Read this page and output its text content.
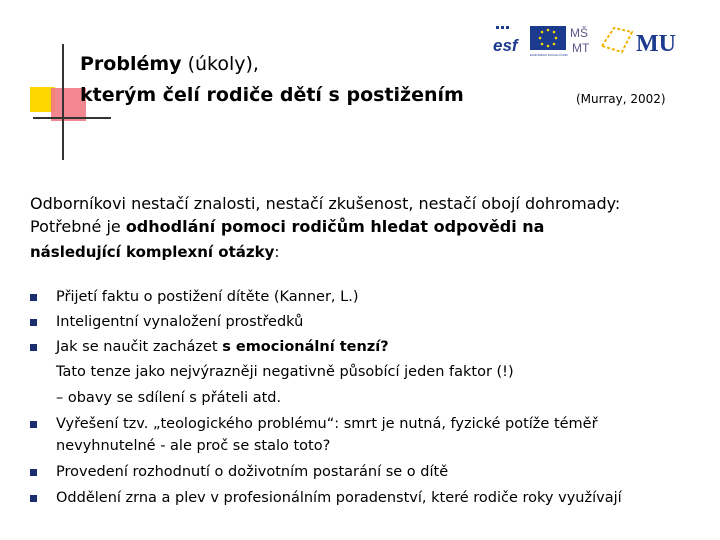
Problémy (úkoly),
kterým čelí rodiče dětí s postižením	(Murray, 2002)
esf	EUROPEAN SOCIAL FUND
MŠ
MT MU
Odborníkovi nestačí znalosti, nestačí zkušenost, nestačí obojí dohromady:
Potřebné je odhodlání pomoci rodičům hledat odpovědi na
následující komplexní otázky:
Přijetí faktu o postižení dítěte (Kanner, L.)
Inteligentní vynaložení prostředků
Jak se naučit zacházet s emocionální tenzí?
Tato tenze jako nejvýrazněji negativně působící jeden faktor (!)
– obavy se sdílení s přáteli atd.
Vyřešení tzv. „teologického problému“: smrt je nutná, fyzické potíže téměř
nevyhnutelné - ale proč se stalo toto?
Provedení rozhodnutí o doživotním postarání se o dítě
Oddělení zrna a plev v profesionálním poradenství, které rodiče roky využívají
